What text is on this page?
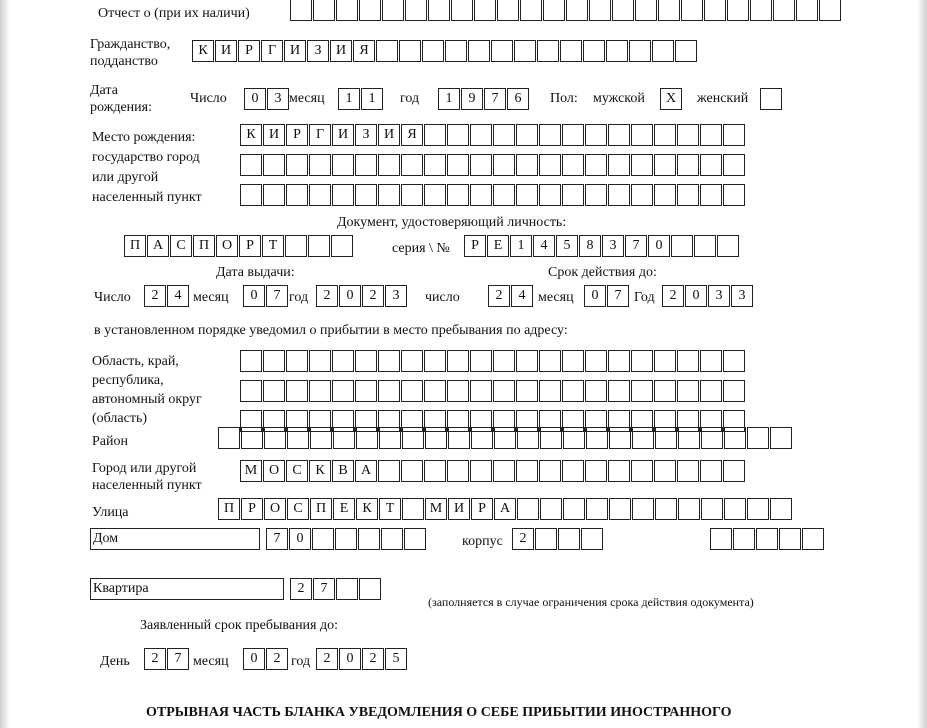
Отчест о (при их наличи)
Гражданство,
подданство
К И	Р	Г И	З	И Я
Дата
рождения:
Число	0	3 месяц	1	1	год	1	9	7	6	Пол: мужской	Х	женский
Место рождения:
государство город
или другой
населенный пункт
К И	Р	Г И	З	И Я
Документ, удостоверяющий личность:
П А С П О	Р	Т	серия \ №	Р	Е	1	4	5	8	3	7	0
Дата выдачи:	Срок действия до:
Число	2	4 месяц	0	7 год	2	0	2	3	число	2	4 месяц	0	7 Год	2	0	3	3
в установленном порядке уведомил о прибытии в место пребывания по адресу:
Область, край,
республика,
автономный округ
(область)
Район
Город или другой
населенный пункт
М О С К В А
Улица	П	Р	О С П Е	К	Т	М И	Р	А
Дом	7	0	корпус	2
Квартира	2	7
(заполняется в случае ограничения срока действия одокумента)
Заявленный срок пребывания до:
День	2	7 месяц	0	2 год 2	0	2	5
ОТРЫВНАЯ ЧАСТЬ БЛАНКА УВЕДОМЛЕНИЯ О СЕБЕ ПРИБЫТИИ ИНОСТРАННОГО
